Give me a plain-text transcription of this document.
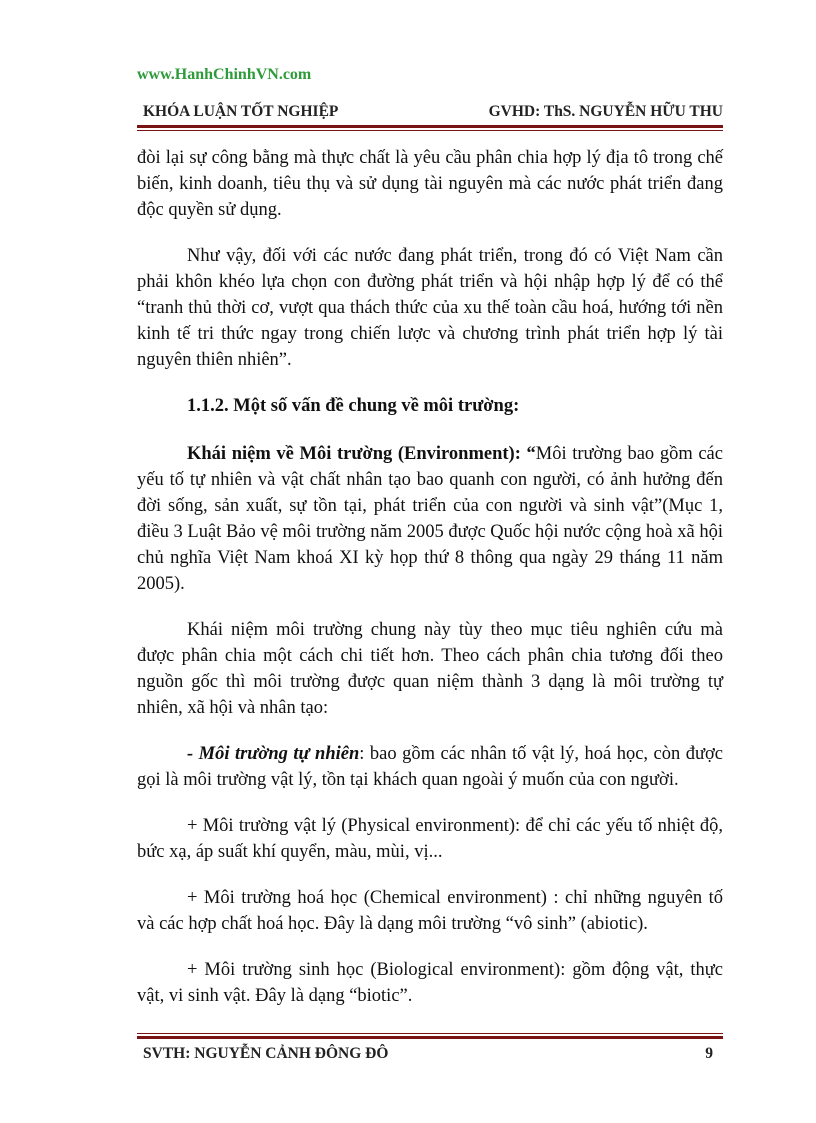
www.HanhChinhVN.com
KHÓA LUẬN TỐT NGHIỆP	GVHD: ThS. NGUYỄN HỮU THU

đòi lại sự công bằng mà thực chất là yêu cầu phân chia hợp lý địa tô trong chế biến, kinh doanh, tiêu thụ và sử dụng tài nguyên mà các nước phát triển đang độc quyền sử dụng.

Như vậy, đối với các nước đang phát triển, trong đó có Việt Nam cần phải khôn khéo lựa chọn con đường phát triển và hội nhập hợp lý để có thể “tranh thủ thời cơ, vượt qua thách thức của xu thế toàn cầu hoá, hướng tới nền kinh tế tri thức ngay trong chiến lược và chương trình phát triển hợp lý tài nguyên thiên nhiên”.

1.1.2. Một số vấn đề chung về môi trường:

Khái niệm về Môi trường (Environment): “Môi trường bao gồm các yếu tố tự nhiên và vật chất nhân tạo bao quanh con người, có ảnh hưởng đến đời sống, sản xuất, sự tồn tại, phát triển của con người và sinh vật”(Mục 1, điều 3 Luật Bảo vệ môi trường năm 2005 được Quốc hội nước cộng hoà xã hội chủ nghĩa Việt Nam khoá XI kỳ họp thứ 8 thông qua ngày 29 tháng 11 năm 2005).

Khái niệm môi trường chung này tùy theo mục tiêu nghiên cứu mà được phân chia một cách chi tiết hơn. Theo cách phân chia tương đối theo nguồn gốc thì môi trường được quan niệm thành 3 dạng là môi trường tự nhiên, xã hội và nhân tạo:

- Môi trường tự nhiên: bao gồm các nhân tố vật lý, hoá học, còn được gọi là môi trường vật lý, tồn tại khách quan ngoài ý muốn của con người.

+ Môi trường vật lý (Physical environment): để chỉ các yếu tố nhiệt độ, bức xạ, áp suất khí quyển, màu, mùi, vị...

+ Môi trường hoá học (Chemical environment) : chỉ những nguyên tố và các hợp chất hoá học. Đây là dạng môi trường “vô sinh” (abiotic).

+ Môi trường sinh học (Biological environment): gồm động vật, thực vật, vi sinh vật. Đây là dạng “biotic”.

SVTH: NGUYỄN CẢNH ĐÔNG ĐÔ	9
